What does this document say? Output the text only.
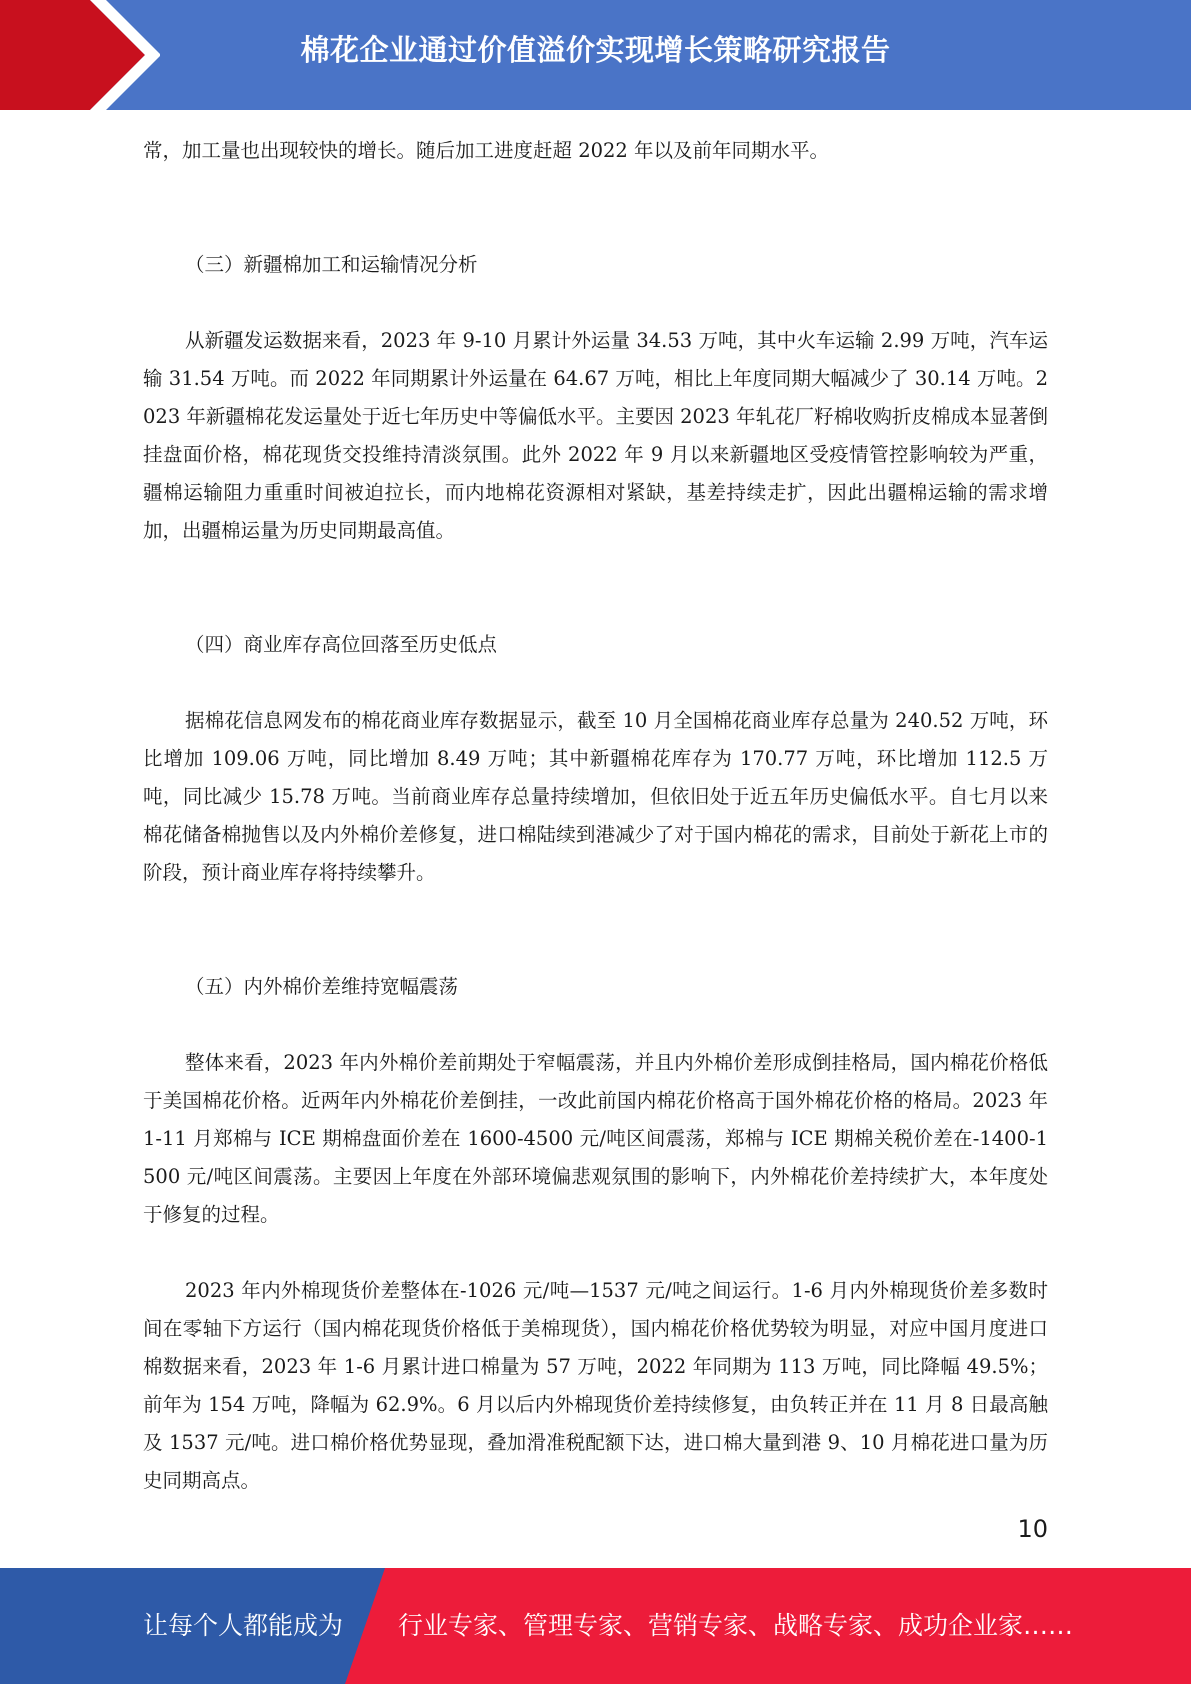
棉花企业通过价值溢价实现增长策略研究报告

常，加工量也出现较快的增长。随后加工进度赶超 2022 年以及前年同期水平。

（三）新疆棉加工和运输情况分析

从新疆发运数据来看，2023 年 9-10 月累计外运量 34.53 万吨，其中火车运输 2.99 万吨，汽车运输 31.54 万吨。而 2022 年同期累计外运量在 64.67 万吨，相比上年度同期大幅减少了 30.14 万吨。2023 年新疆棉花发运量处于近七年历史中等偏低水平。主要因 2023 年轧花厂籽棉收购折皮棉成本显著倒挂盘面价格，棉花现货交投维持清淡氛围。此外 2022 年 9 月以来新疆地区受疫情管控影响较为严重，疆棉运输阻力重重时间被迫拉长，而内地棉花资源相对紧缺，基差持续走扩，因此出疆棉运输的需求增加，出疆棉运量为历史同期最高值。

（四）商业库存高位回落至历史低点

据棉花信息网发布的棉花商业库存数据显示，截至 10 月全国棉花商业库存总量为 240.52 万吨，环比增加 109.06 万吨，同比增加 8.49 万吨；其中新疆棉花库存为 170.77 万吨，环比增加 112.5 万吨，同比减少 15.78 万吨。当前商业库存总量持续增加，但依旧处于近五年历史偏低水平。自七月以来棉花储备棉抛售以及内外棉价差修复，进口棉陆续到港减少了对于国内棉花的需求，目前处于新花上市的阶段，预计商业库存将持续攀升。

（五）内外棉价差维持宽幅震荡

整体来看，2023 年内外棉价差前期处于窄幅震荡，并且内外棉价差形成倒挂格局，国内棉花价格低于美国棉花价格。近两年内外棉花价差倒挂，一改此前国内棉花价格高于国外棉花价格的格局。2023 年 1-11 月郑棉与 ICE 期棉盘面价差在 1600-4500 元/吨区间震荡，郑棉与 ICE 期棉关税价差在-1400-1500 元/吨区间震荡。主要因上年度在外部环境偏悲观氛围的影响下，内外棉花价差持续扩大，本年度处于修复的过程。

2023 年内外棉现货价差整体在-1026 元/吨—1537 元/吨之间运行。1-6 月内外棉现货价差多数时间在零轴下方运行（国内棉花现货价格低于美棉现货），国内棉花价格优势较为明显，对应中国月度进口棉数据来看，2023 年 1-6 月累计进口棉量为 57 万吨，2022 年同期为 113 万吨，同比降幅 49.5%；前年为 154 万吨，降幅为 62.9%。6 月以后内外棉现货价差持续修复，由负转正并在 11 月 8 日最高触及 1537 元/吨。进口棉价格优势显现，叠加滑准税配额下达，进口棉大量到港 9、10 月棉花进口量为历史同期高点。

10
让每个人都能成为 行业专家、管理专家、营销专家、战略专家、成功企业家……
